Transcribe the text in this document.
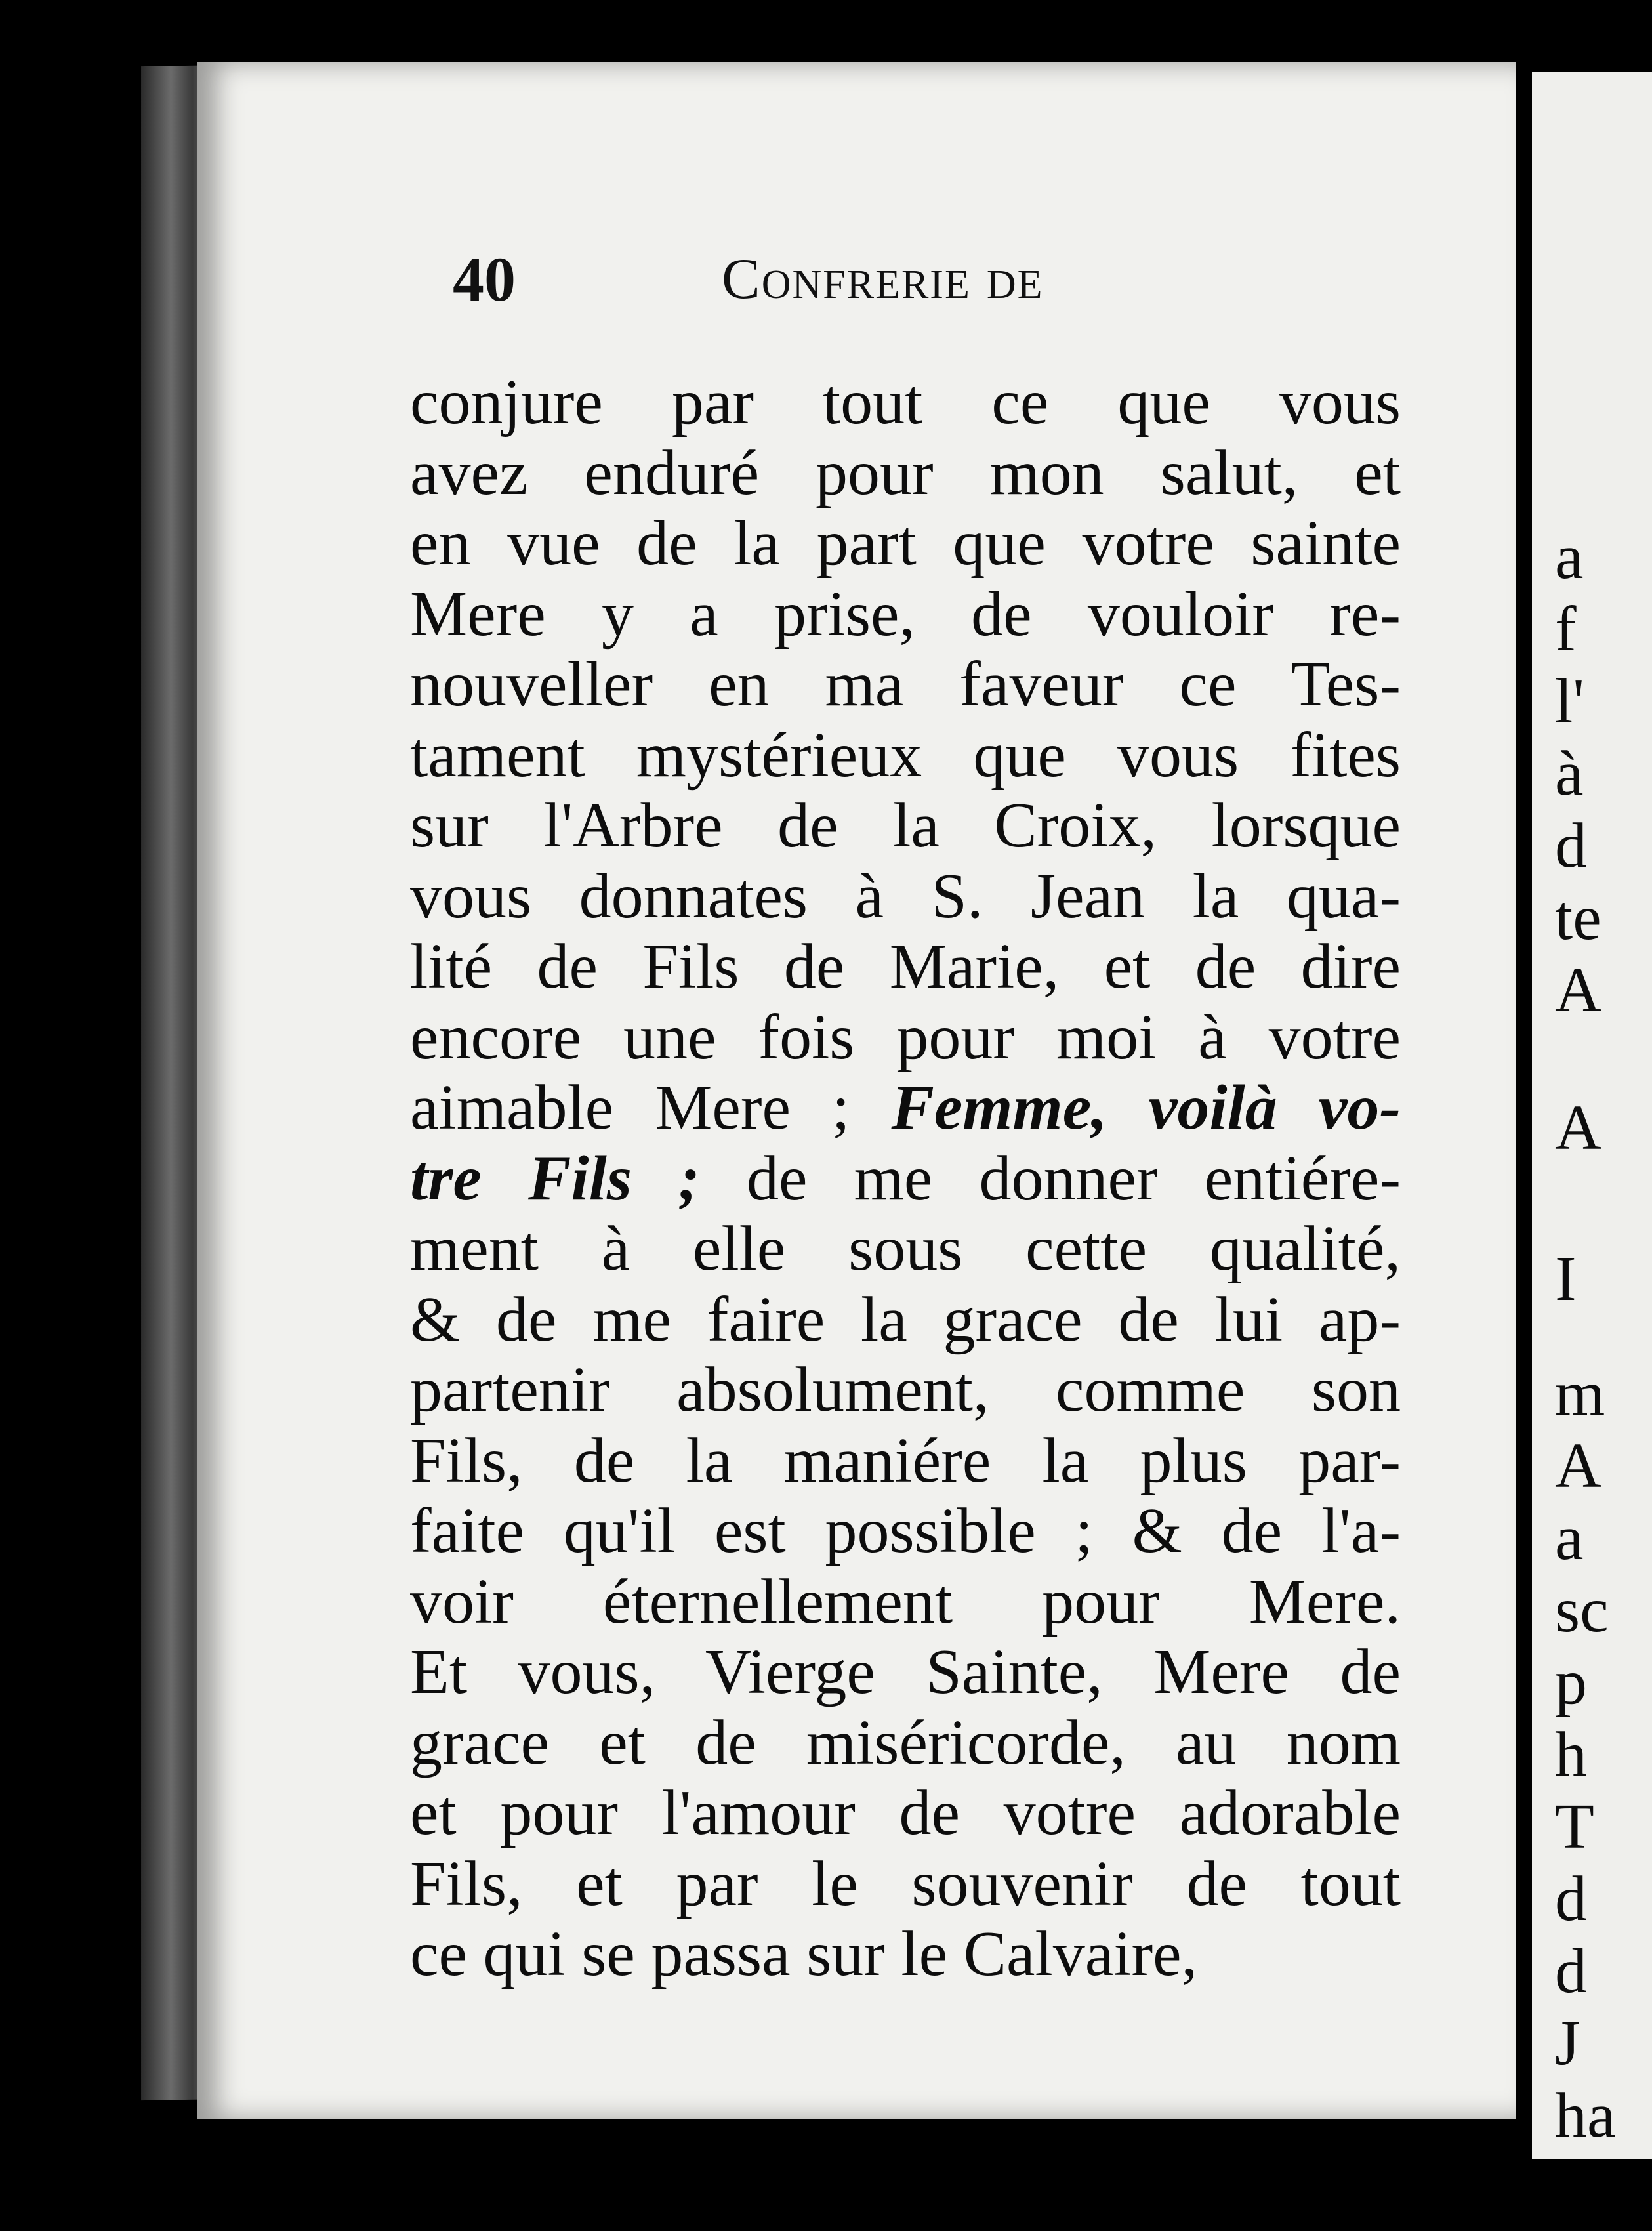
a
f
l'
à
d
te
A
A
I
m
A
a
sc
p
h
T
d
d
J
ha
40	Confrerie de
conjure par tout ce que vous
avez enduré pour mon salut, et
en vue de la part que votre sainte
Mere y a prise, de vouloir re-
nouveller en ma faveur ce Tes-
tament mystérieux que vous fites
sur l'Arbre de la Croix, lorsque
vous donnates à S. Jean la qua-
lité de Fils de Marie, et de dire
encore une fois pour moi à votre
aimable Mere ; Femme, voilà vo-
tre Fils ; de me donner entiére-
ment à elle sous cette qualité,
& de me faire la grace de lui ap-
partenir absolument, comme son
Fils, de la maniére la plus par-
faite qu'il est possible ; & de l'a-
voir éternellement pour Mere.
Et vous, Vierge Sainte, Mere de
grace et de miséricorde, au nom
et pour l'amour de votre adorable
Fils, et par le souvenir de tout
ce qui se passa sur le Calvaire,
